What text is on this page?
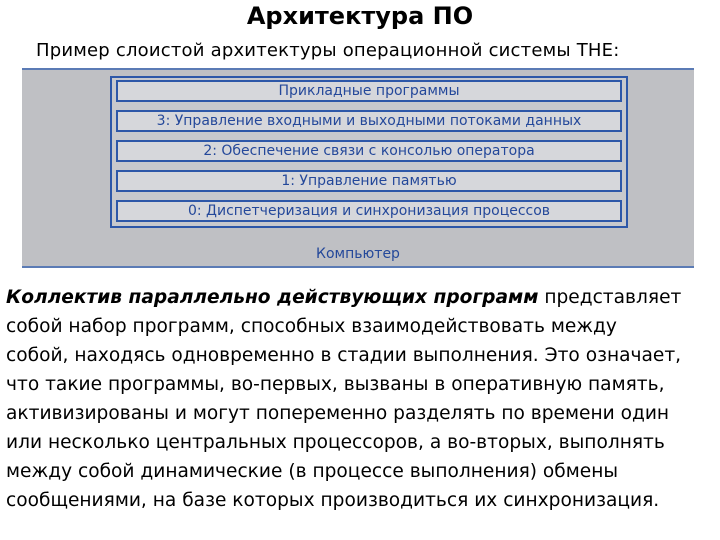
Архитектура ПО
Пример слоистой архитектуры операционной системы THE:
Прикладные программы
3: Управление входными и выходными потоками данных
2: Обеспечение связи с консолью оператора
1: Управление памятью
0: Диспетчеризация и синхронизация процессов
Компьютер
Коллектив параллельно действующих программ представляет
собой набор программ, способных взаимодействовать между
собой, находясь одновременно в стадии выполнения. Это означает,
что такие программы, во-первых, вызваны в оперативную память,
активизированы и могут попеременно разделять по времени один
или несколько центральных процессоров, а во-вторых, выполнять
между собой динамические (в процессе выполнения) обмены
сообщениями, на базе которых производиться их синхронизация.
